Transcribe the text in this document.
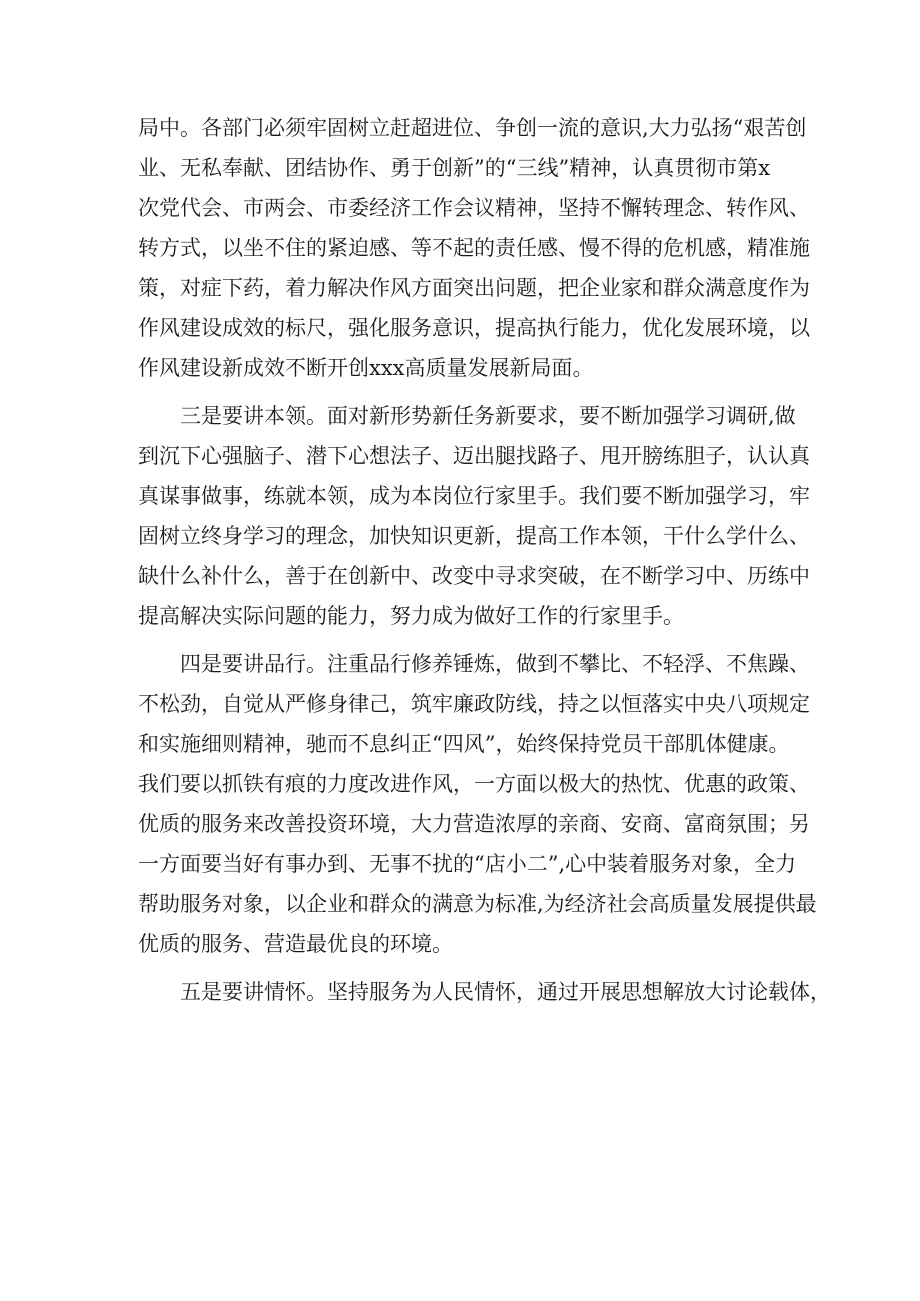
局中。各部门必须牢固树立赶超进位、争创一流的意识,大力弘扬“艰苦创
业、无私奉献、团结协作、勇于创新”的“三线”精神，认真贯彻市第x
次党代会、市两会、市委经济工作会议精神，坚持不懈转理念、转作风、
转方式，以坐不住的紧迫感、等不起的责任感、慢不得的危机感，精准施
策，对症下药，着力解决作风方面突出问题，把企业家和群众满意度作为
作风建设成效的标尺，强化服务意识，提高执行能力，优化发展环境，以
作风建设新成效不断开创xxx高质量发展新局面。

三是要讲本领。面对新形势新任务新要求，要不断加强学习调研,做
到沉下心强脑子、潜下心想法子、迈出腿找路子、甩开膀练胆子，认认真
真谋事做事，练就本领，成为本岗位行家里手。我们要不断加强学习，牢
固树立终身学习的理念，加快知识更新，提高工作本领，干什么学什么、
缺什么补什么，善于在创新中、改变中寻求突破，在不断学习中、历练中
提高解决实际问题的能力，努力成为做好工作的行家里手。

四是要讲品行。注重品行修养锤炼，做到不攀比、不轻浮、不焦躁、
不松劲，自觉从严修身律己，筑牢廉政防线，持之以恒落实中央八项规定
和实施细则精神，驰而不息纠正“四风”，始终保持党员干部肌体健康。
我们要以抓铁有痕的力度改进作风，一方面以极大的热忱、优惠的政策、
优质的服务来改善投资环境，大力营造浓厚的亲商、安商、富商氛围；另
一方面要当好有事办到、无事不扰的“店小二”,心中装着服务对象，全力
帮助服务对象，以企业和群众的满意为标准,为经济社会高质量发展提供最
优质的服务、营造最优良的环境。

五是要讲情怀。坚持服务为人民情怀，通过开展思想解放大讨论载体，
